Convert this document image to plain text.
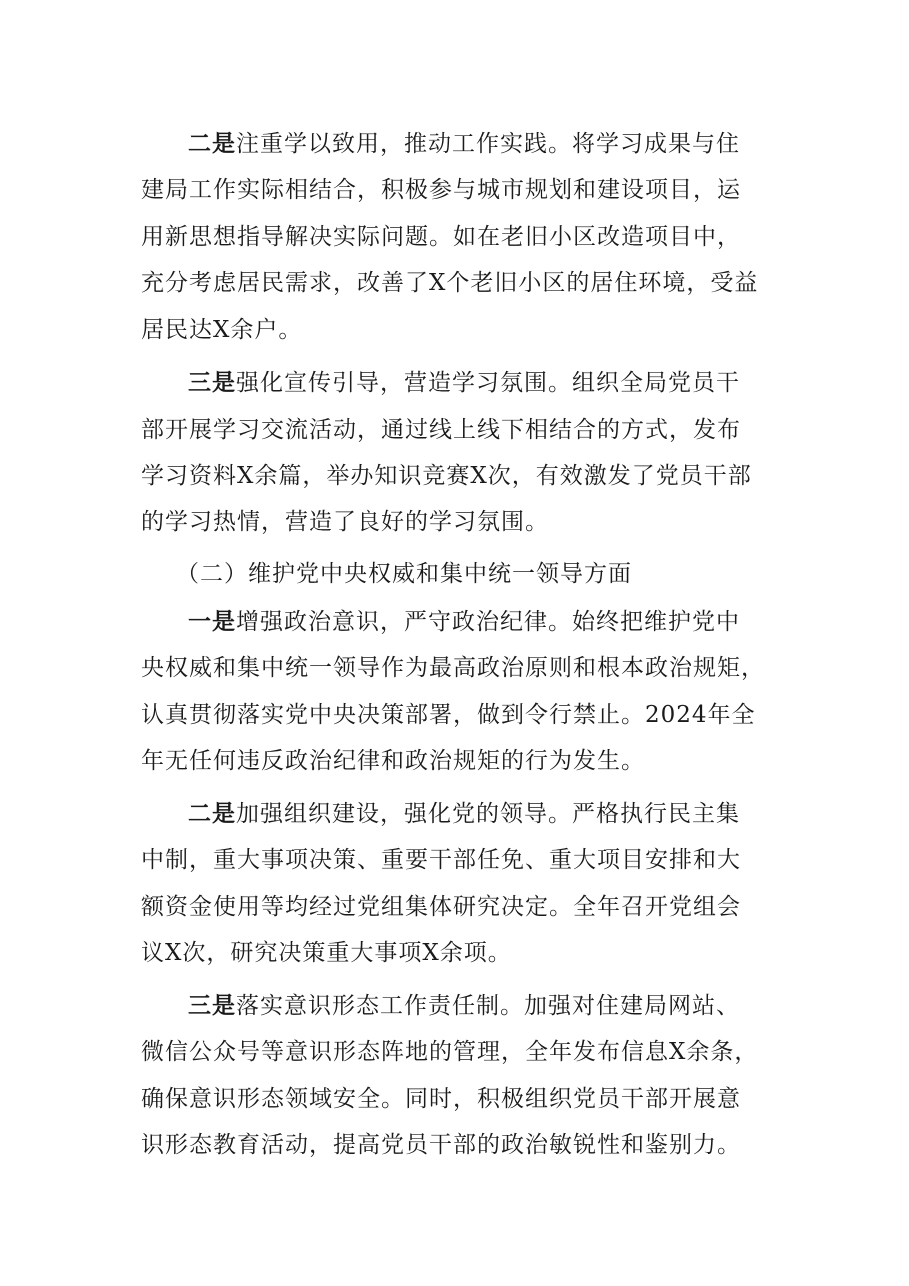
二是注重学以致用，推动工作实践。将学习成果与住
建局工作实际相结合，积极参与城市规划和建设项目，运
用新思想指导解决实际问题。如在老旧小区改造项目中，
充分考虑居民需求，改善了X个老旧小区的居住环境，受益
居民达X余户。
三是强化宣传引导，营造学习氛围。组织全局党员干
部开展学习交流活动，通过线上线下相结合的方式，发布
学习资料X余篇，举办知识竞赛X次，有效激发了党员干部
的学习热情，营造了良好的学习氛围。
（二）维护党中央权威和集中统一领导方面
一是增强政治意识，严守政治纪律。始终把维护党中
央权威和集中统一领导作为最高政治原则和根本政治规矩，
认真贯彻落实党中央决策部署，做到令行禁止。2024年全
年无任何违反政治纪律和政治规矩的行为发生。
二是加强组织建设，强化党的领导。严格执行民主集
中制，重大事项决策、重要干部任免、重大项目安排和大
额资金使用等均经过党组集体研究决定。全年召开党组会
议X次，研究决策重大事项X余项。
三是落实意识形态工作责任制。加强对住建局网站、
微信公众号等意识形态阵地的管理，全年发布信息X余条，
确保意识形态领域安全。同时，积极组织党员干部开展意
识形态教育活动，提高党员干部的政治敏锐性和鉴别力。
